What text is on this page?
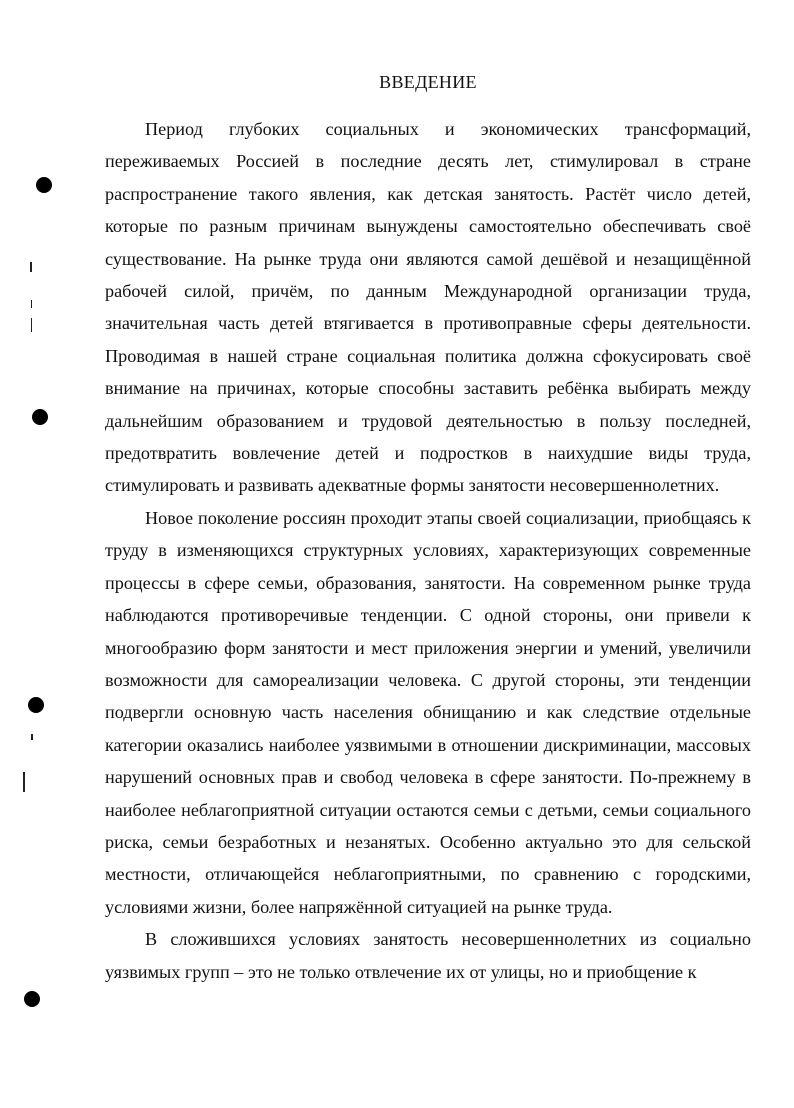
ВВЕДЕНИЕ

Период глубоких социальных и экономических трансформаций, переживаемых Россией в последние десять лет, стимулировал в стране распространение такого явления, как детская занятость. Растёт число детей, которые по разным причинам вынуждены самостоятельно обеспечивать своё существование. На рынке труда они являются самой дешёвой и незащищённой рабочей силой, причём, по данным Международной организации труда, значительная часть детей втягивается в противоправные сферы деятельности. Проводимая в нашей стране социальная политика должна сфокусировать своё внимание на причинах, которые способны заставить ребёнка выбирать между дальнейшим образованием и трудовой деятельностью в пользу последней, предотвратить вовлечение детей и подростков в наихудшие виды труда, стимулировать и развивать адекватные формы занятости несовершеннолетних.

Новое поколение россиян проходит этапы своей социализации, приобщаясь к труду в изменяющихся структурных условиях, характеризующих современные процессы в сфере семьи, образования, занятости. На современном рынке труда наблюдаются противоречивые тенденции. С одной стороны, они привели к многообразию форм занятости и мест приложения энергии и умений, увеличили возможности для самореализации человека. С другой стороны, эти тенденции подвергли основную часть населения обнищанию и как следствие отдельные категории оказались наиболее уязвимыми в отношении дискриминации, массовых нарушений основных прав и свобод человека в сфере занятости. По-прежнему в наиболее неблагоприятной ситуации остаются семьи с детьми, семьи социального риска, семьи безработных и незанятых. Особенно актуально это для сельской местности, отличающейся неблагоприятными, по сравнению с городскими, условиями жизни, более напряжённой ситуацией на рынке труда.

В сложившихся условиях занятость несовершеннолетних из социально уязвимых групп – это не только отвлечение их от улицы, но и приобщение к
